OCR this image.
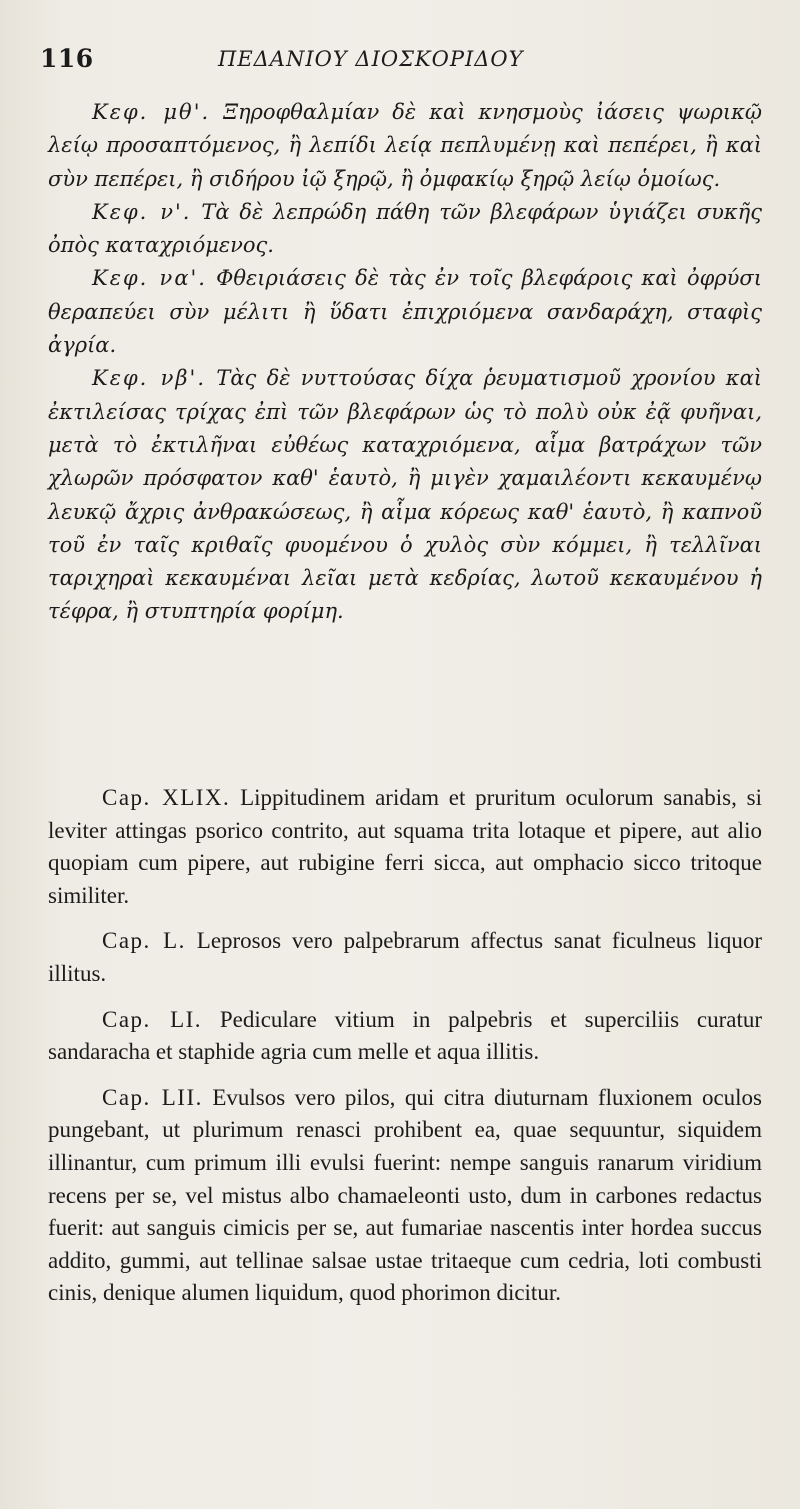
116	ΠΕΔΑΝΙΟΥ ΔΙΟΣΚΟΡΙΔΟΥ

Κεφ. μθ'. Ξηροφθαλμίαν δὲ καὶ κνησμοὺς ἰάσεις ψωρικῷ λείῳ προσαπτόμενος, ἢ λεπίδι λείᾳ πεπλυμένῃ καὶ πεπέρει, ἢ καὶ σὺν πεπέρει, ἢ σιδήρου ἰῷ ξηρῷ, ἢ ὀμφακίῳ ξηρῷ λείῳ ὁμοίως.

Κεφ. ν'. Τὰ δὲ λεπρώδη πάθη τῶν βλεφάρων ὑγιάζει συκῆς ὀπὸς καταχριόμενος.

Κεφ. να'. Φθειριάσεις δὲ τὰς ἐν τοῖς βλεφάροις καὶ ὀφρύσι θεραπεύει σὺν μέλιτι ἢ ὕδατι ἐπιχριόμενα σανδαράχη, σταφὶς ἀγρία.

Κεφ. νβ'. Τὰς δὲ νυττούσας δίχα ῥευματισμοῦ χρονίου καὶ ἐκτιλείσας τρίχας ἐπὶ τῶν βλεφάρων ὡς τὸ πολὺ οὐκ ἐᾷ φυῆναι, μετὰ τὸ ἐκτιλῆναι εὐθέως καταχριόμενα, αἷμα βατράχων τῶν χλωρῶν πρόσφατον καθ' ἑαυτὸ, ἢ μιγὲν χαμαιλέοντι κεκαυμένῳ λευκῷ ἄχρις ἀνθρακώσεως, ἢ αἷμα κόρεως καθ' ἑαυτὸ, ἢ καπνοῦ τοῦ ἐν ταῖς κριθαῖς φυομένου ὁ χυλὸς σὺν κόμμει, ἢ τελλῖναι ταριχηραὶ κεκαυμέναι λεῖαι μετὰ κεδρίας, λωτοῦ κεκαυμένου ἡ τέφρα, ἢ στυπτηρία φορίμη.

Cap. XLIX. Lippitudinem aridam et pruritum oculorum sanabis, si leviter attingas psorico contrito, aut squama trita lotaque et pipere, aut alio quopiam cum pipere, aut rubigine ferri sicca, aut omphacio sicco tritoque similiter.

Cap. L. Leprosos vero palpebrarum affectus sanat ficulneus liquor illitus.

Cap. LI. Pediculare vitium in palpebris et superciliis curatur sandaracha et staphide agria cum melle et aqua illitis.

Cap. LII. Evulsos vero pilos, qui citra diuturnam fluxionem oculos pungebant, ut plurimum renasci prohibent ea, quae sequuntur, siquidem illinantur, cum primum illi evulsi fuerint: nempe sanguis ranarum viridium recens per se, vel mistus albo chamaeleonti usto, dum in carbones redactus fuerit: aut sanguis cimicis per se, aut fumariae nascentis inter hordea succus addito, gummi, aut tellinae salsae ustae tritaeque cum cedria, loti combusti cinis, denique alumen liquidum, quod phorimon dicitur.
